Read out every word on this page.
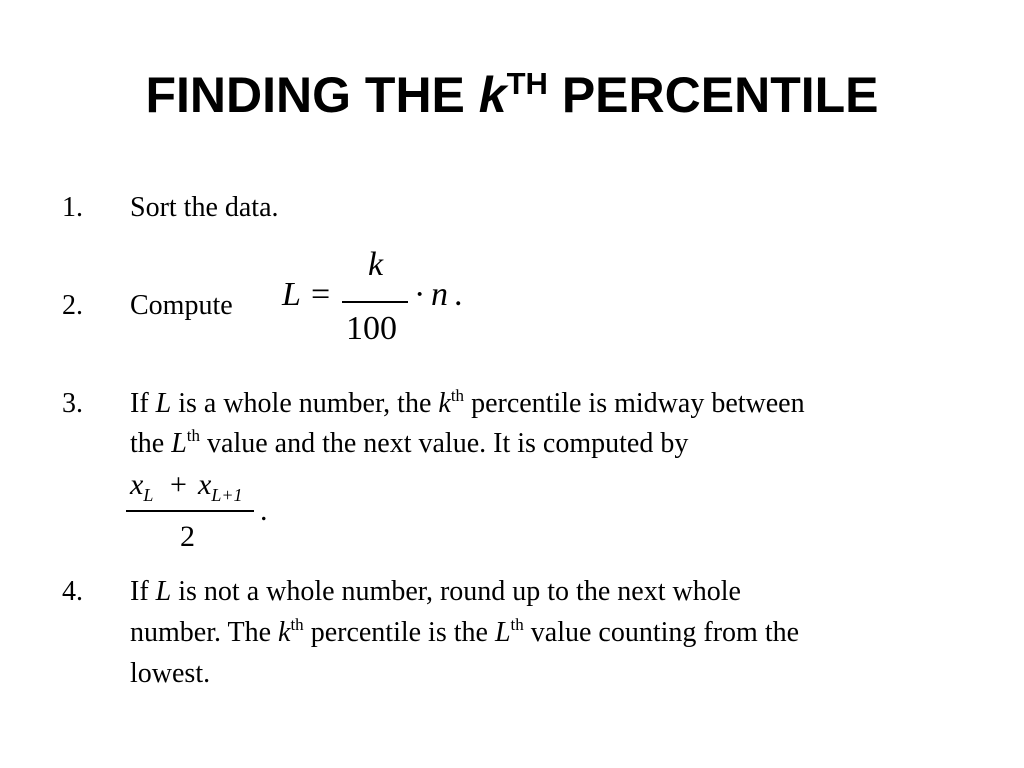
FINDING THE $k^{TH}$ PERCENTILE
1. Sort the data.
2. Compute L =
k
100
· n .
3. If L is a whole number, the $k^{th}$ percentile is midway between
the Lth value and the next value. It is computed by
$x_L + x_{L+1}$
2
.
4. If L is not a whole number, round up to the next whole
number. The $k^{th}$ percentile is the Lth value counting from the
lowest.
